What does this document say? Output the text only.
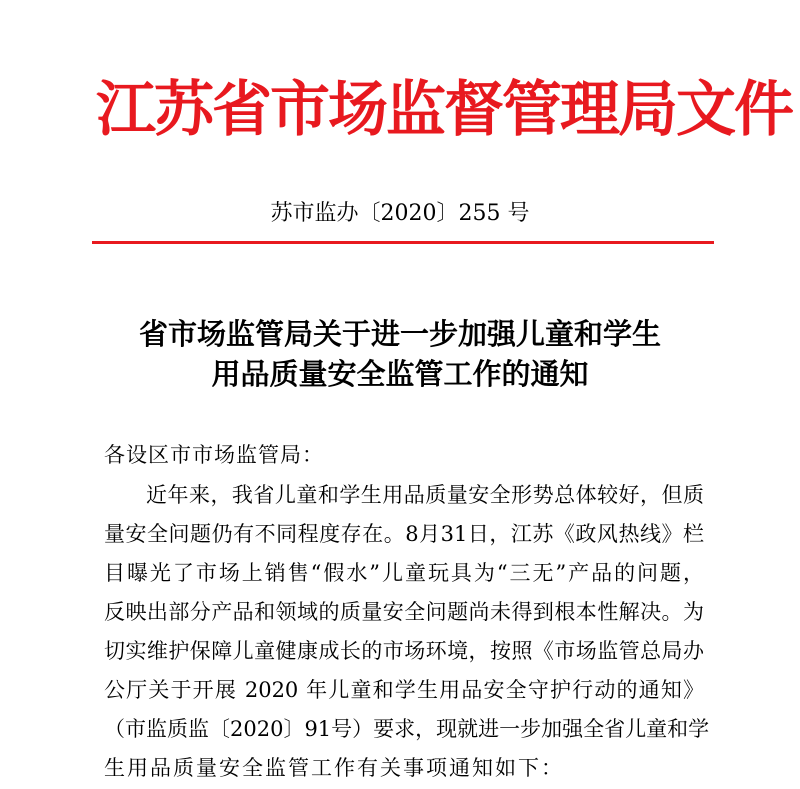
江苏省市场监督管理局文件
苏市监办〔2020〕255 号
省市场监管局关于进一步加强儿童和学生
用品质量安全监管工作的通知
各设区市市场监管局：
近年来，我省儿童和学生用品质量安全形势总体较好，但质
量安全问题仍有不同程度存在。8月31日，江苏《政风热线》栏
目曝光了市场上销售“假水”儿童玩具为“三无”产品的问题，
反映出部分产品和领域的质量安全问题尚未得到根本性解决。为
切实维护保障儿童健康成长的市场环境，按照《市场监管总局办
公厅关于开展 2020 年儿童和学生用品安全守护行动的通知》
（市监质监〔2020〕91号）要求，现就进一步加强全省儿童和学
生用品质量安全监管工作有关事项通知如下：
